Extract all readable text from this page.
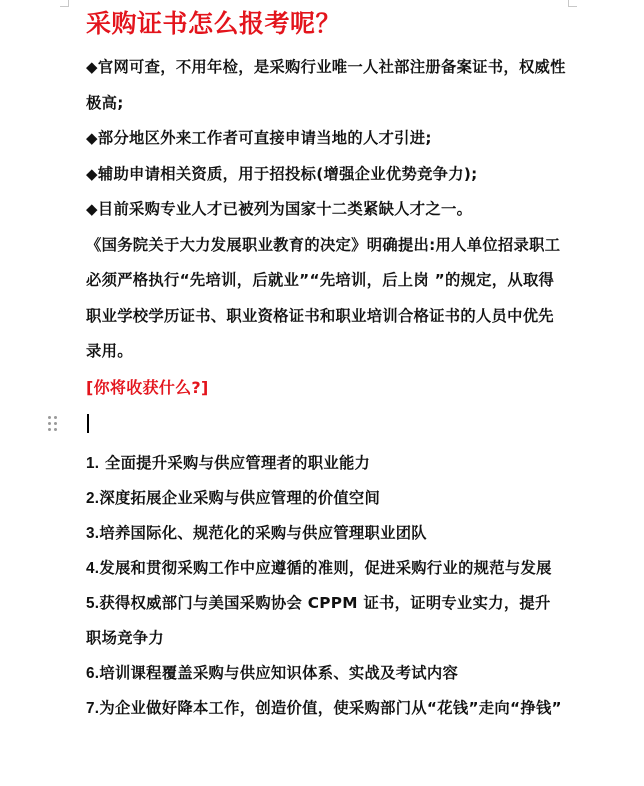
采购证书怎么报考呢？

◆官网可查，不用年检，是采购行业唯一人社部注册备案证书，权威性极高;

◆部分地区外来工作者可直接申请当地的人才引进;

◆辅助申请相关资质，用于招投标(增强企业优势竞争力);

◆目前采购专业人才已被列为国家十二类紧缺人才之一。

《国务院关于大力发展职业教育的决定》明确提出:用人单位招录职工必须严格执行“先培训，后就业”“先培训，后上岗 ”的规定，从取得职业学校学历证书、职业资格证书和职业培训合格证书的人员中优先录用。

[你将收获什么?]
1. 全面提升采购与供应管理者的职业能力
2.深度拓展企业采购与供应管理的价值空间
3.培养国际化、规范化的采购与供应管理职业团队
4.发展和贯彻采购工作中应遵循的准则，促进采购行业的规范与发展
5.获得权威部门与美国采购协会 CPPM 证书，证明专业实力，提升职场竞争力
6.培训课程覆盖采购与供应知识体系、实战及考试内容
7.为企业做好降本工作，创造价值，使采购部门从“花钱”走向“挣钱”
